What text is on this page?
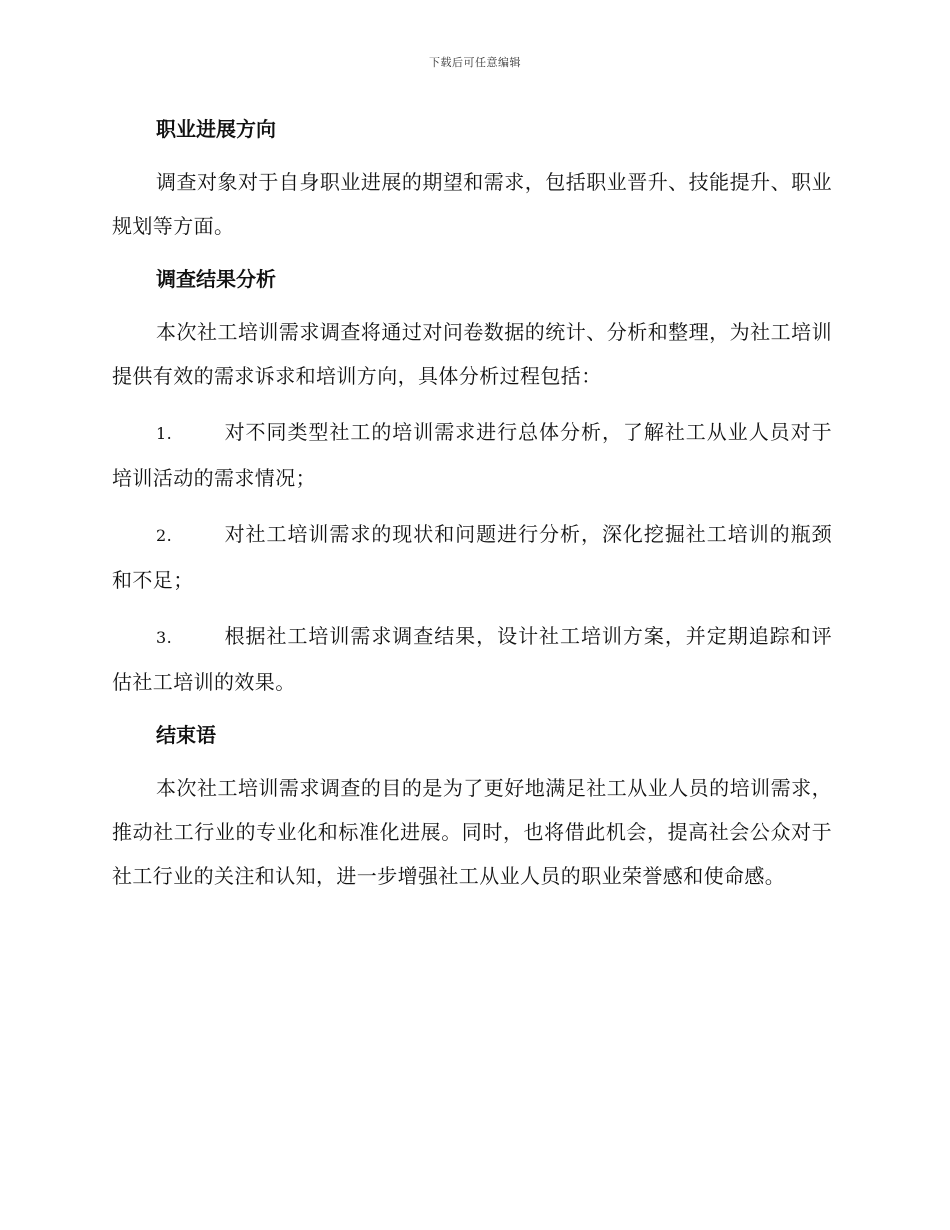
下载后可任意编辑
职业进展方向

调查对象对于自身职业进展的期望和需求，包括职业晋升、技能提升、职业规划等方面。

调查结果分析

本次社工培训需求调查将通过对问卷数据的统计、分析和整理，为社工培训提供有效的需求诉求和培训方向，具体分析过程包括：

1.	对不同类型社工的培训需求进行总体分析，了解社工从业人员对于培训活动的需求情况；
2.	对社工培训需求的现状和问题进行分析，深化挖掘社工培训的瓶颈和不足；
3.	根据社工培训需求调查结果，设计社工培训方案，并定期追踪和评估社工培训的效果。
结束语

本次社工培训需求调查的目的是为了更好地满足社工从业人员的培训需求，推动社工行业的专业化和标准化进展。同时，也将借此机会，提高社会公众对于社工行业的关注和认知，进一步增强社工从业人员的职业荣誉感和使命感。
